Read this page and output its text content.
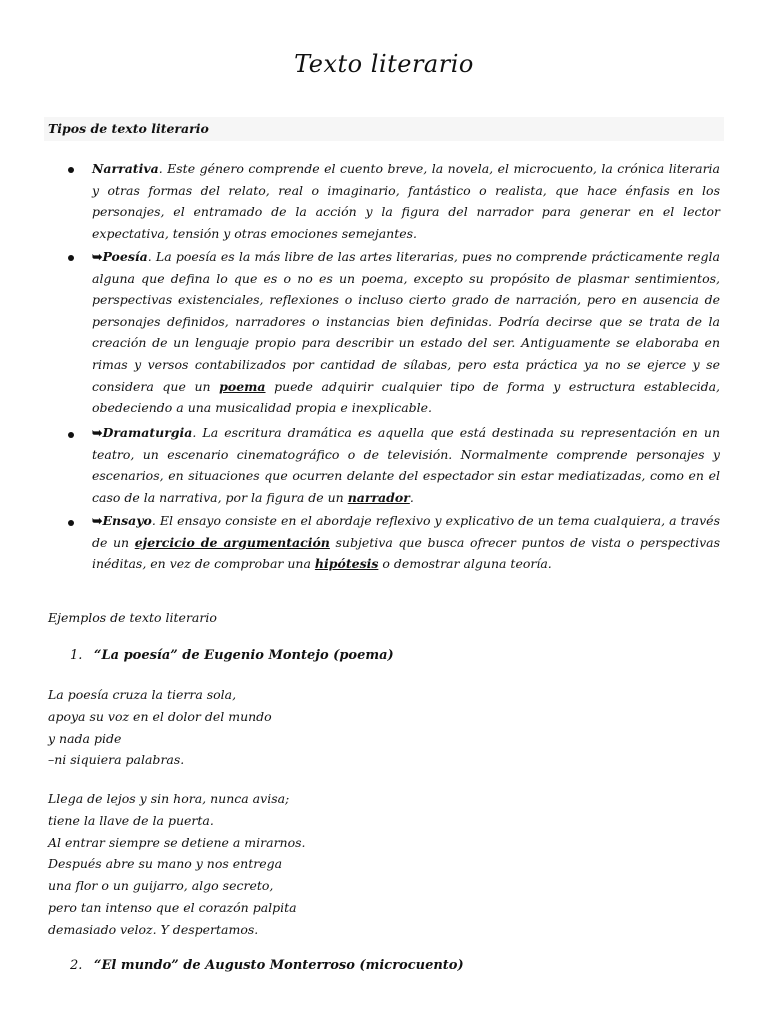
Texto literario
Tipos de texto literario
Narrativa. Este género comprende el cuento breve, la novela, el microcuento, la crónica literaria y otras formas del relato, real o imaginario, fantástico o realista, que hace énfasis en los personajes, el entramado de la acción y la figura del narrador para generar en el lector expectativa, tensión y otras emociones semejantes.
➥Poesía. La poesía es la más libre de las artes literarias, pues no comprende prácticamente regla alguna que defina lo que es o no es un poema, excepto su propósito de plasmar sentimientos, perspectivas existenciales, reflexiones o incluso cierto grado de narración, pero en ausencia de personajes definidos, narradores o instancias bien definidas. Podría decirse que se trata de la creación de un lenguaje propio para describir un estado del ser. Antiguamente se elaboraba en rimas y versos contabilizados por cantidad de sílabas, pero esta práctica ya no se ejerce y se considera que un poema puede adquirir cualquier tipo de forma y estructura establecida, obedeciendo a una musicalidad propia e inexplicable.
➥Dramaturgia. La escritura dramática es aquella que está destinada su representación en un teatro, un escenario cinematográfico o de televisión. Normalmente comprende personajes y escenarios, en situaciones que ocurren delante del espectador sin estar mediatizadas, como en el caso de la narrativa, por la figura de un narrador.
➥Ensayo. El ensayo consiste en el abordaje reflexivo y explicativo de un tema cualquiera, a través de un ejercicio de argumentación subjetiva que busca ofrecer puntos de vista o perspectivas inéditas, en vez de comprobar una hipótesis o demostrar alguna teoría.
Ejemplos de texto literario
1. “La poesía” de Eugenio Montejo (poema)
La poesía cruza la tierra sola,
apoya su voz en el dolor del mundo
y nada pide
–ni siquiera palabras.
Llega de lejos y sin hora, nunca avisa;
tiene la llave de la puerta.
Al entrar siempre se detiene a mirarnos.
Después abre su mano y nos entrega
una flor o un guijarro, algo secreto,
pero tan intenso que el corazón palpita
demasiado veloz. Y despertamos.
2. “El mundo” de Augusto Monterroso (microcuento)
